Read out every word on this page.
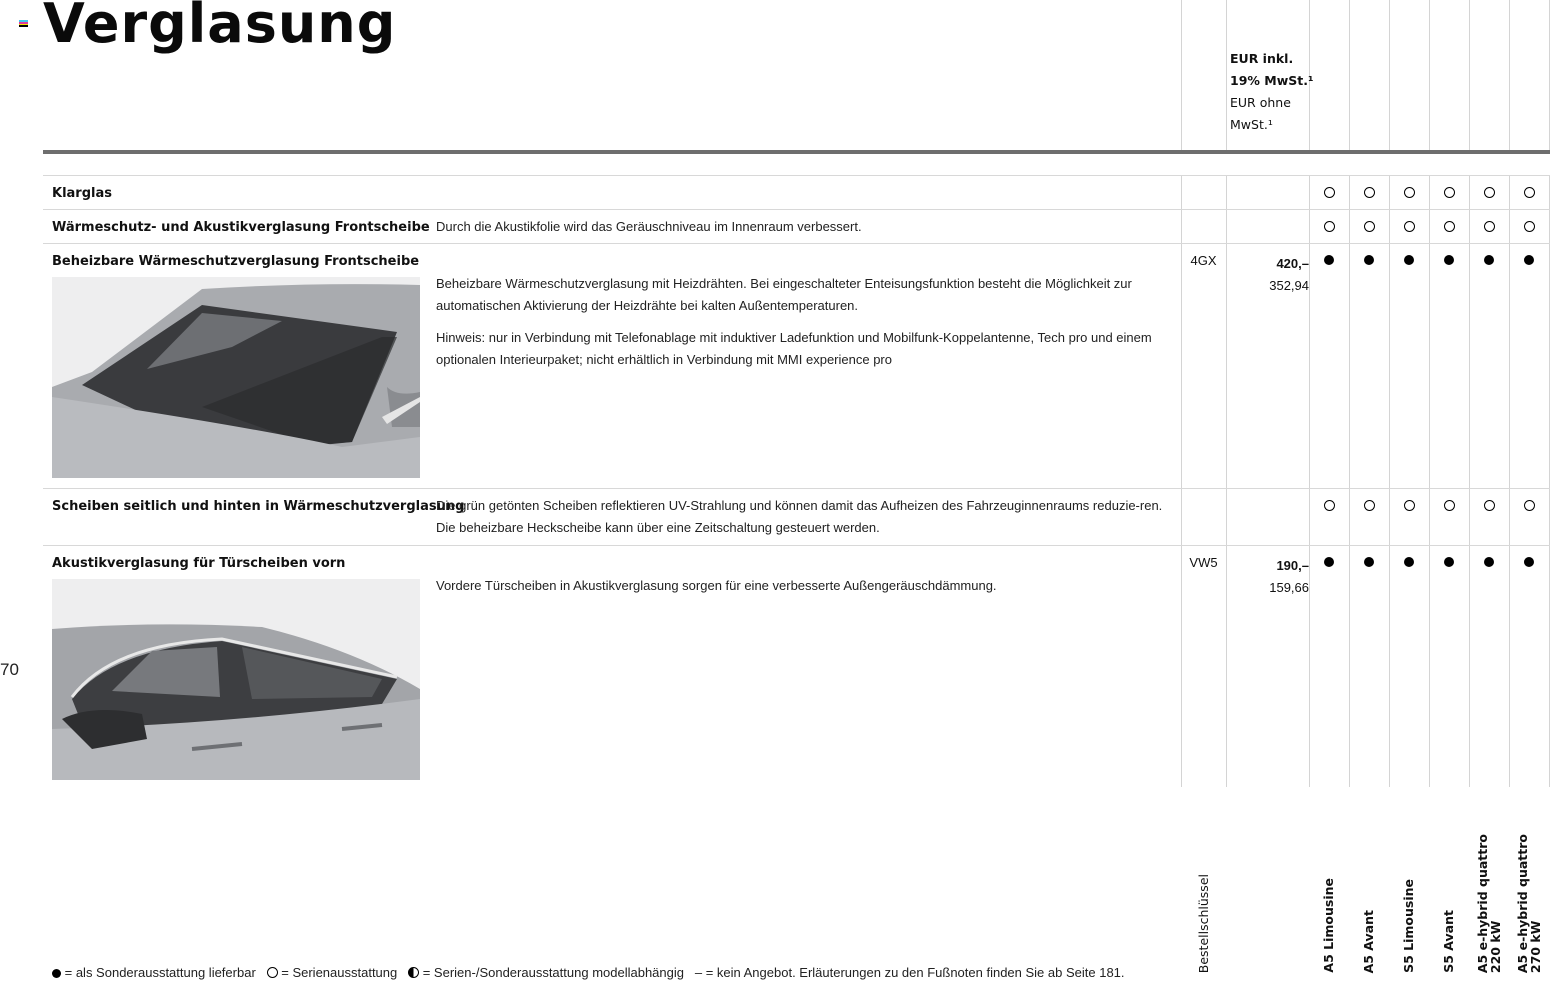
Verglasung
70
Bestellschlüssel
EUR inkl.
19% MwSt.¹
EUR ohne
MwSt.¹
A5 Limousine A5 Avant S5 Limousine S5 Avant A5 e-hybrid quattro
220 kW A5 e-hybrid quattro
270 kW
Klarglas
Wärmeschutz- und Akustikverglasung Frontscheibe Durch die Akustikfolie wird das Geräuschniveau im Innenraum verbessert.
Beheizbare Wärmeschutzverglasung Frontscheibe

Beheizbare Wärmeschutzverglasung mit Heizdrähten. Bei eingeschalteter Enteisungsfunktion besteht die Möglichkeit zur automatischen Aktivierung der Heizdrähte bei kalten Außentemperaturen.

Hinweis: nur in Verbindung mit Telefonablage mit induktiver Ladefunktion und Mobilfunk-Koppelantenne, Tech pro und einem optionalen Interieurpaket; nicht erhältlich in Verbindung mit MMI experience pro

4GX	420,–
352,94
Scheiben seitlich und hinten in Wärmeschutzverglasung
Die grün getönten Scheiben reflektieren UV-Strahlung und können damit das Aufheizen des Fahrzeuginnenraums reduzie-ren. Die beheizbare Heckscheibe kann über eine Zeitschaltung gesteuert werden.
Akustikverglasung für Türscheiben vorn
Vordere Türscheiben in Akustikverglasung sorgen für eine verbesserte Außengeräuschdämmung.
VW5	190,–
159,66
= als Sonderausstattung lieferbar = Serienausstattung = Serien-/Sonderausstattung modellabhängig – = kein Angebot. Erläuterungen zu den Fußnoten finden Sie ab Seite 181.
